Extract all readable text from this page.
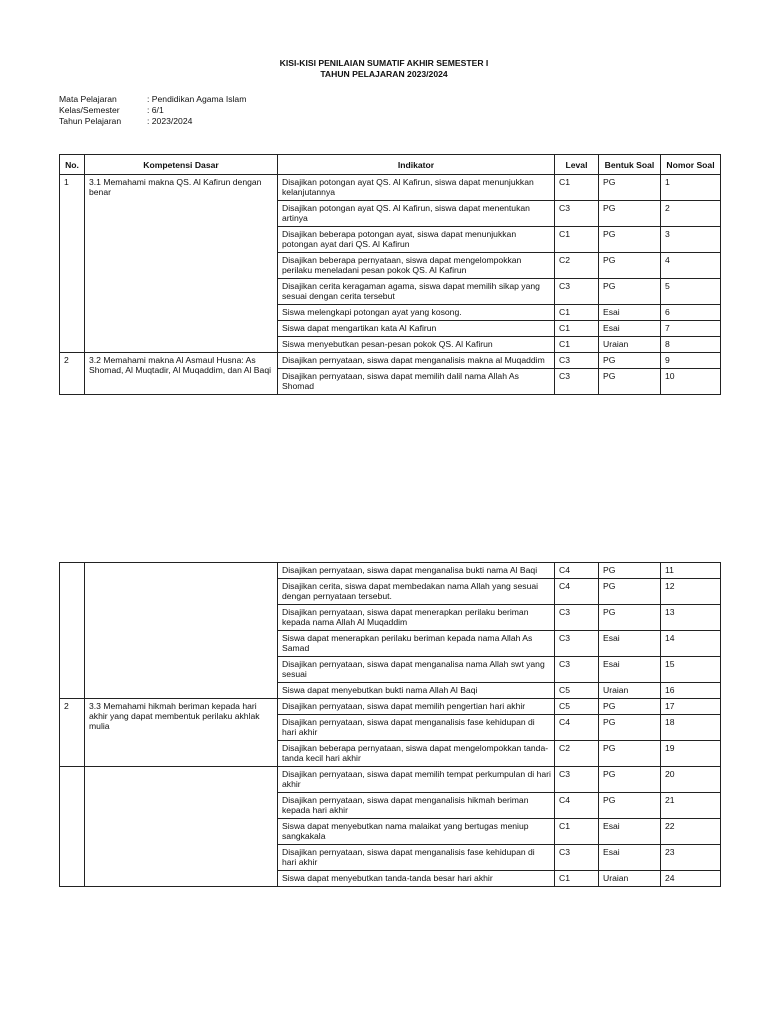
KISI-KISI PENILAIAN SUMATIF AKHIR SEMESTER I
TAHUN PELAJARAN 2023/2024
Mata Pelajaran	: Pendidikan Agama Islam
Kelas/Semester	: 6/1
Tahun Pelajaran	: 2023/2024
No.	Kompetensi Dasar	Indikator	Leval	Bentuk Soal	Nomor Soal
1	3.1 Memahami makna QS. Al Kafirun dengan benar	Disajikan potongan ayat QS. Al Kafirun, siswa dapat menunjukkan kelanjutannya	C1	PG	1
		Disajikan potongan ayat QS. Al Kafirun, siswa dapat menentukan artinya	C3	PG	2
		Disajikan beberapa potongan ayat, siswa dapat menunjukkan potongan ayat dari QS. Al Kafirun	C1	PG	3
		Disajikan beberapa pernyataan, siswa dapat mengelompokkan perilaku meneladani pesan pokok QS. Al Kafirun	C2	PG	4
		Disajikan cerita keragaman agama, siswa dapat memilih sikap yang sesuai dengan cerita tersebut	C3	PG	5
		Siswa melengkapi potongan ayat yang kosong.	C1	Esai	6
		Siswa dapat mengartikan kata Al Kafirun	C1	Esai	7
		Siswa menyebutkan pesan-pesan pokok QS. Al Kafirun	C1	Uraian	8
2	3.2 Memahami makna Al Asmaul Husna: As Shomad, Al Muqtadir, Al Muqaddim, dan Al Baqi	Disajikan pernyataan, siswa dapat menganalisis makna al Muqaddim	C3	PG	9
		Disajikan pernyataan, siswa dapat memilih dalil nama Allah As Shomad	C3	PG	10
		Disajikan pernyataan, siswa dapat menganalisa bukti nama Al Baqi	C4	PG	11
		Disajikan cerita, siswa dapat membedakan nama Allah yang sesuai dengan pernyataan tersebut.	C4	PG	12
		Disajikan pernyataan, siswa dapat menerapkan perilaku beriman kepada nama Allah Al Muqaddim	C3	PG	13
		Siswa dapat menerapkan perilaku beriman kepada nama Allah As Samad	C3	Esai	14
		Disajikan pernyataan, siswa dapat menganalisa nama Allah swt yang sesuai	C3	Esai	15
		Siswa dapat menyebutkan bukti nama Allah Al Baqi	C5	Uraian	16
2	3.3 Memahami hikmah beriman kepada hari akhir yang dapat membentuk perilaku akhlak mulia	Disajikan pernyataan, siswa dapat memilih pengertian hari akhir	C5	PG	17
		Disajikan pernyataan, siswa dapat menganalisis fase kehidupan di hari akhir	C4	PG	18
		Disajikan beberapa pernyataan, siswa dapat mengelompokkan tanda-tanda kecil hari akhir	C2	PG	19
		Disajikan pernyataan, siswa dapat memilih tempat perkumpulan di hari akhir	C3	PG	20
		Disajikan pernyataan, siswa dapat menganalisis hikmah beriman kepada hari akhir	C4	PG	21
		Siswa dapat menyebutkan nama malaikat yang bertugas meniup sangkakala	C1	Esai	22
		Disajikan pernyataan, siswa dapat menganalisis fase kehidupan di hari akhir	C3	Esai	23
		Siswa dapat menyebutkan tanda-tanda besar hari akhir	C1	Uraian	24
